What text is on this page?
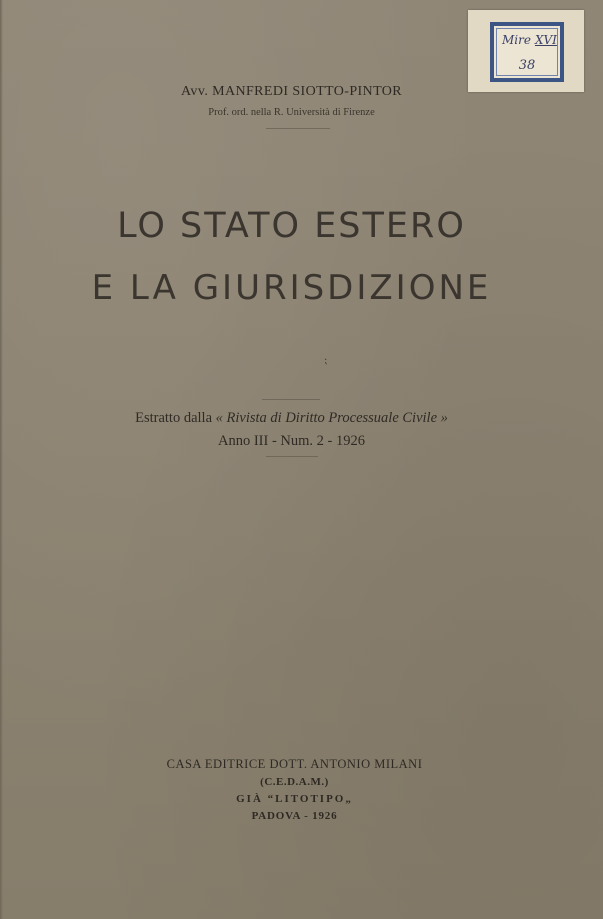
Mire XVI
38
Avv. MANFREDI SIOTTO-PINTOR
Prof. ord. nella R. Università di Firenze
LO STATO ESTERO
E LA GIURISDIZIONE
⁏
Estratto dalla « Rivista di Diritto Processuale Civile »
Anno III - Num. 2 - 1926
CASA EDITRICE DOTT. ANTONIO MILANI
(C.E.D.A.M.)
GIÀ “LITOTIPO„
PADOVA - 1926
